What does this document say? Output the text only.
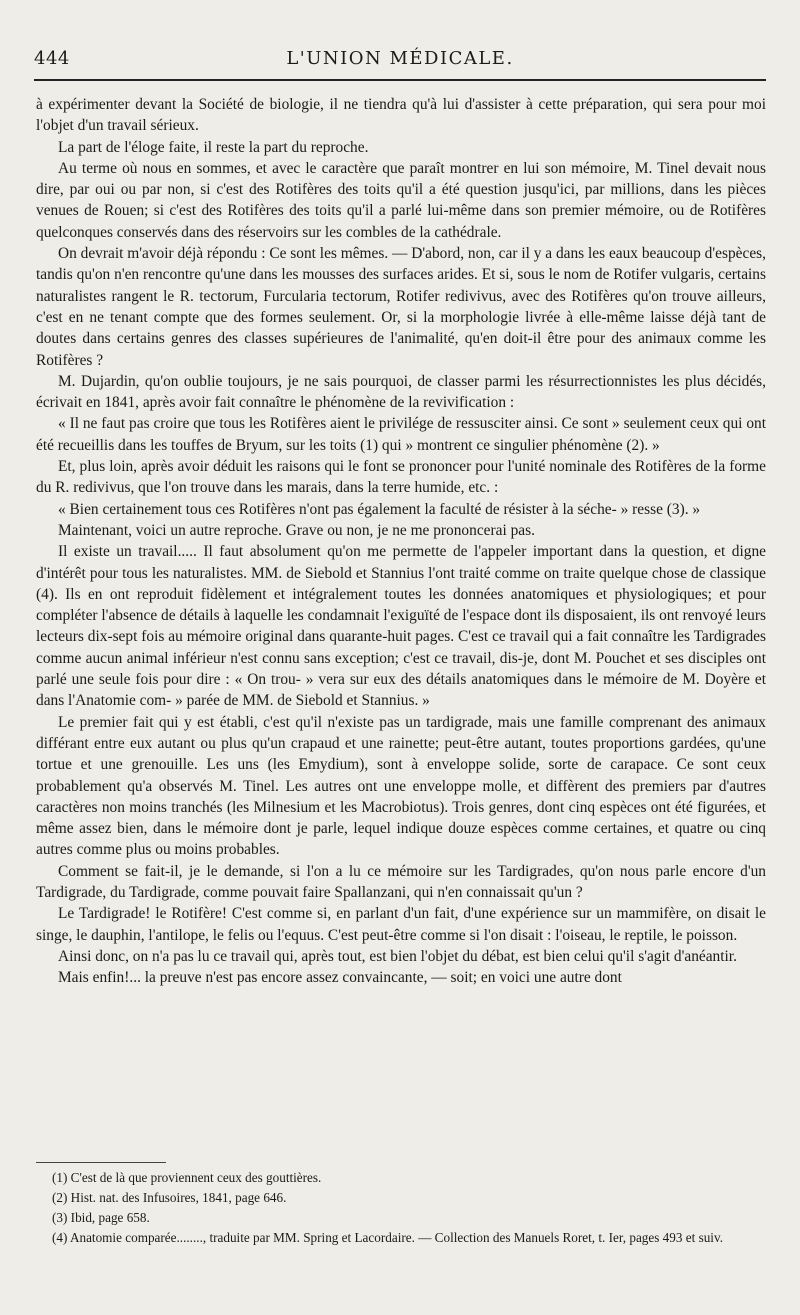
444	L'UNION MÉDICALE.

à expérimenter devant la Société de biologie, il ne tiendra qu'à lui d'assister à cette préparation, qui sera pour moi l'objet d'un travail sérieux.

La part de l'éloge faite, il reste la part du reproche.

Au terme où nous en sommes, et avec le caractère que paraît montrer en lui son mémoire, M. Tinel devait nous dire, par oui ou par non, si c'est des Rotifères des toits qu'il a été question jusqu'ici, par millions, dans les pièces venues de Rouen; si c'est des Rotifères des toits qu'il a parlé lui-même dans son premier mémoire, ou de Rotifères quelconques conservés dans des réservoirs sur les combles de la cathédrale.

On devrait m'avoir déjà répondu : Ce sont les mêmes. — D'abord, non, car il y a dans les eaux beaucoup d'espèces, tandis qu'on n'en rencontre qu'une dans les mousses des surfaces arides. Et si, sous le nom de Rotifer vulgaris, certains naturalistes rangent le R. tectorum, Furcularia tectorum, Rotifer redivivus, avec des Rotifères qu'on trouve ailleurs, c'est en ne tenant compte que des formes seulement. Or, si la morphologie livrée à elle-même laisse déjà tant de doutes dans certains genres des classes supérieures de l'animalité, qu'en doit-il être pour des animaux comme les Rotifères ?

M. Dujardin, qu'on oublie toujours, je ne sais pourquoi, de classer parmi les résurrectionnistes les plus décidés, écrivait en 1841, après avoir fait connaître le phénomène de la revivification :

« Il ne faut pas croire que tous les Rotifères aient le privilége de ressusciter ainsi. Ce sont » seulement ceux qui ont été recueillis dans les touffes de Bryum, sur les toits (1) qui » montrent ce singulier phénomène (2). »

Et, plus loin, après avoir déduit les raisons qui le font se prononcer pour l'unité nominale des Rotifères de la forme du R. redivivus, que l'on trouve dans les marais, dans la terre humide, etc. :

« Bien certainement tous ces Rotifères n'ont pas également la faculté de résister à la séche- » resse (3). »

Maintenant, voici un autre reproche. Grave ou non, je ne me prononcerai pas.

Il existe un travail..... Il faut absolument qu'on me permette de l'appeler important dans la question, et digne d'intérêt pour tous les naturalistes. MM. de Siebold et Stannius l'ont traité comme on traite quelque chose de classique (4). Ils en ont reproduit fidèlement et intégralement toutes les données anatomiques et physiologiques; et pour compléter l'absence de détails à laquelle les condamnait l'exiguïté de l'espace dont ils disposaient, ils ont renvoyé leurs lecteurs dix-sept fois au mémoire original dans quarante-huit pages. C'est ce travail qui a fait connaître les Tardigrades comme aucun animal inférieur n'est connu sans exception; c'est ce travail, dis-je, dont M. Pouchet et ses disciples ont parlé une seule fois pour dire : « On trou- » vera sur eux des détails anatomiques dans le mémoire de M. Doyère et dans l'Anatomie com- » parée de MM. de Siebold et Stannius. »

Le premier fait qui y est établi, c'est qu'il n'existe pas un tardigrade, mais une famille comprenant des animaux différant entre eux autant ou plus qu'un crapaud et une rainette; peut-être autant, toutes proportions gardées, qu'une tortue et une grenouille. Les uns (les Emydium), sont à enveloppe solide, sorte de carapace. Ce sont ceux probablement qu'a observés M. Tinel. Les autres ont une enveloppe molle, et diffèrent des premiers par d'autres caractères non moins tranchés (les Milnesium et les Macrobiotus). Trois genres, dont cinq espèces ont été figurées, et même assez bien, dans le mémoire dont je parle, lequel indique douze espèces comme certaines, et quatre ou cinq autres comme plus ou moins probables.

Comment se fait-il, je le demande, si l'on a lu ce mémoire sur les Tardigrades, qu'on nous parle encore d'un Tardigrade, du Tardigrade, comme pouvait faire Spallanzani, qui n'en connaissait qu'un ?

Le Tardigrade! le Rotifère! C'est comme si, en parlant d'un fait, d'une expérience sur un mammifère, on disait le singe, le dauphin, l'antilope, le felis ou l'equus. C'est peut-être comme si l'on disait : l'oiseau, le reptile, le poisson.

Ainsi donc, on n'a pas lu ce travail qui, après tout, est bien l'objet du débat, est bien celui qu'il s'agit d'anéantir.

Mais enfin!... la preuve n'est pas encore assez convaincante, — soit; en voici une autre dont

(1) C'est de là que proviennent ceux des gouttières.

(2) Hist. nat. des Infusoires, 1841, page 646.

(3) Ibid, page 658.

(4) Anatomie comparée........, traduite par MM. Spring et Lacordaire. — Collection des Manuels Roret, t. Ier, pages 493 et suiv.
